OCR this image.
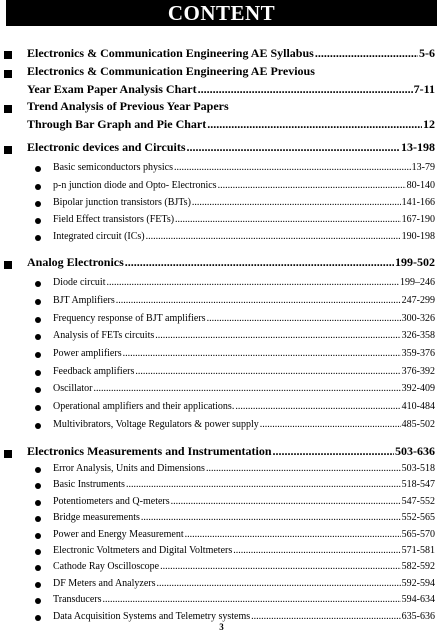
CONTENT
Electronics & Communication Engineering AE Syllabus .....	5-6
Electronics & Communication Engineering AE Previous
Year Exam Paper Analysis Chart .....	7-11
Trend Analysis of Previous Year Papers
Through Bar Graph and Pie Chart .....	12
Electronic devices and Circuits .....	13-198
Basic semiconductors physics .....	13-79
p-n junction diode and Opto- Electronics .....	80-140
Bipolar junction transistors (BJTs) .....	141-166
Field Effect transistors (FETs) .....	167-190
Integrated circuit (ICs) .....	190-198
Analog Electronics .....	199-502
Diode circuit .....	199–246
BJT Amplifiers .....	247-299
Frequency response of BJT amplifiers .....	300-326
Analysis of FETs circuits .....	326-358
Power amplifiers .....	359-376
Feedback amplifiers .....	376-392
Oscillator .....	392-409
Operational amplifiers and their applications. .....	410-484
Multivibrators, Voltage Regulators & power supply .....	485-502
Electronics Measurements and Instrumentation .....	503-636
Error Analysis, Units and Dimensions .....	503-518
Basic Instruments .....	518-547
Potentiometers and Q-meters .....	547-552
Bridge measurements .....	552-565
Power and Energy Measurement .....	565-570
Electronic Voltmeters and Digital Voltmeters .....	571-581
Cathode Ray Oscilloscope .....	582-592
DF Meters and Analyzers .....	592-594
3
Transducers .....	594-634
Data Acquisition Systems and Telemetry systems .....	635-636
